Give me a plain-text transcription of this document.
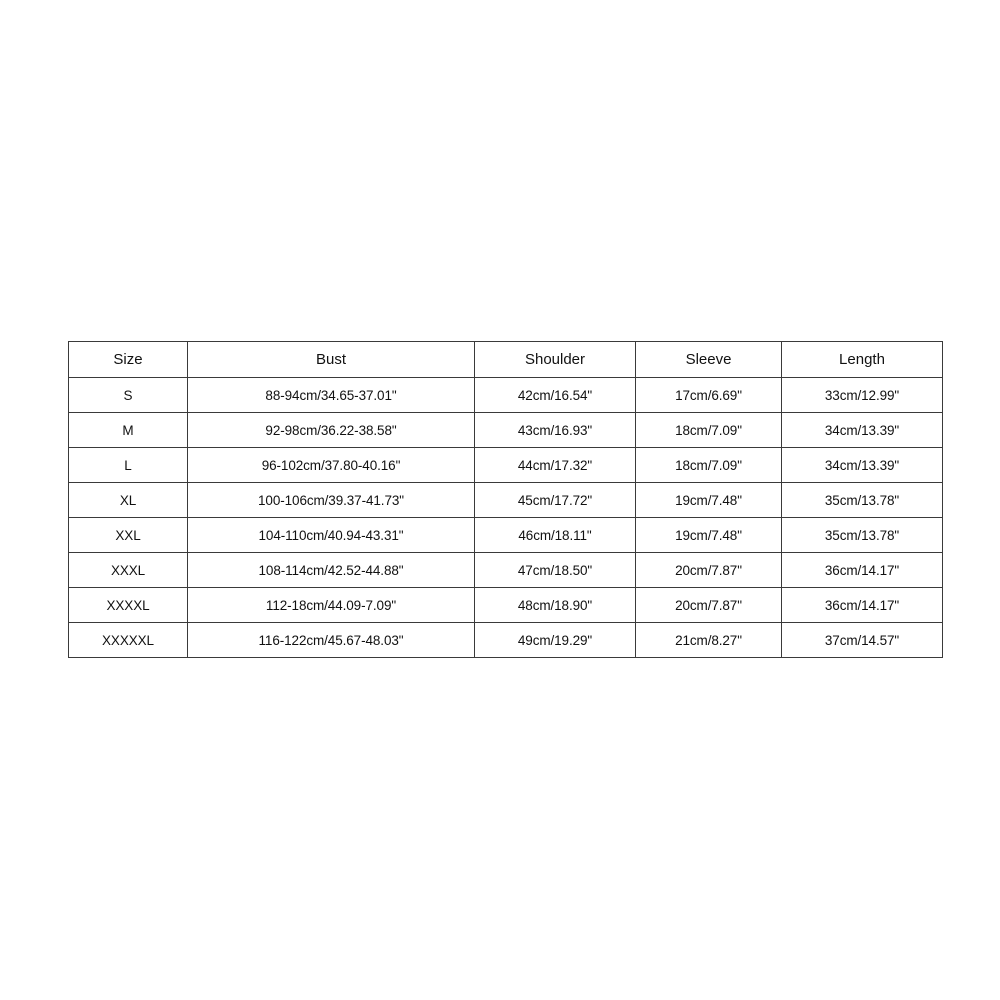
Size	Bust	Shoulder	Sleeve	Length
S	88-94cm/34.65-37.01"	42cm/16.54"	17cm/6.69"	33cm/12.99"
M	92-98cm/36.22-38.58"	43cm/16.93"	18cm/7.09"	34cm/13.39"
L	96-102cm/37.80-40.16"	44cm/17.32"	18cm/7.09"	34cm/13.39"
XL	100-106cm/39.37-41.73"	45cm/17.72"	19cm/7.48"	35cm/13.78"
XXL	104-110cm/40.94-43.31"	46cm/18.11"	19cm/7.48"	35cm/13.78"
XXXL	108-114cm/42.52-44.88"	47cm/18.50"	20cm/7.87"	36cm/14.17"
XXXXL	112-18cm/44.09-7.09"	48cm/18.90"	20cm/7.87"	36cm/14.17"
XXXXXL	116-122cm/45.67-48.03"	49cm/19.29"	21cm/8.27"	37cm/14.57"
